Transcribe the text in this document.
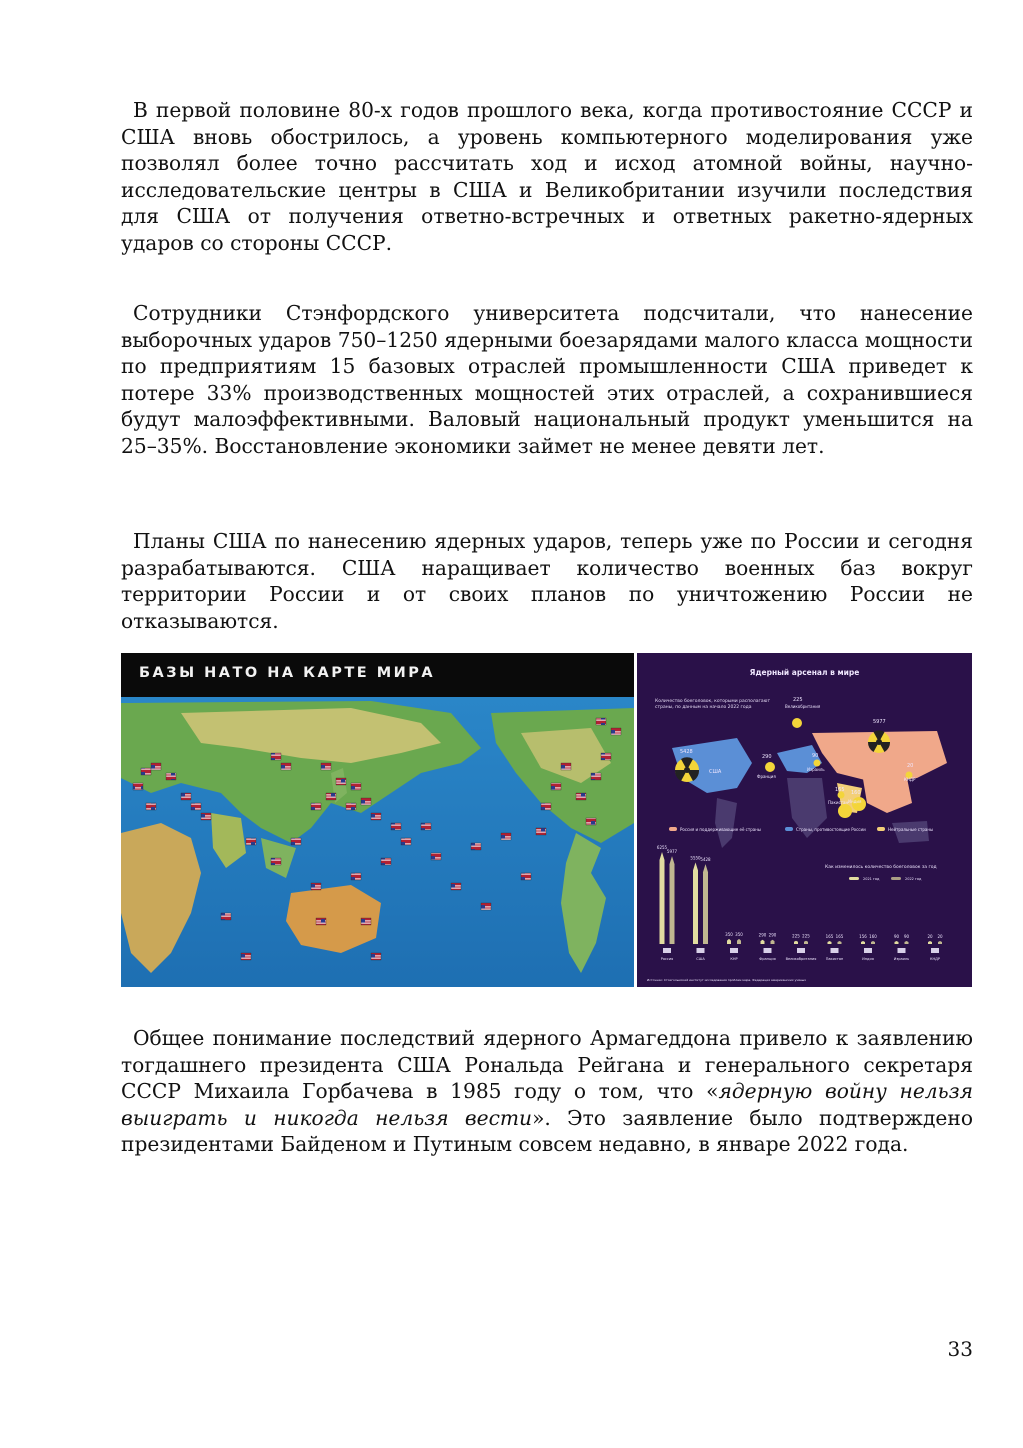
В первой половине 80-х годов прошлого века, когда противостояние СССР и США вновь обострилось, а уровень компьютерного моделирования уже позволял более точно рассчитать ход и исход атомной войны, научно-исследовательские центры в США и Великобритании изучили последствия для США от получения ответно-встречных и ответных ракетно-ядерных ударов со стороны СССР.

Сотрудники Стэнфордского университета подсчитали, что нанесение выборочных ударов 750–1250 ядерными боезарядами малого класса мощности по предприятиям 15 базовых отраслей промышленности США приведет к потере 33% производственных мощностей этих отраслей, а сохранившиеся будут малоэффективными. Валовый национальный продукт уменьшится на 25–35%. Восстановление экономики займет не менее девяти лет.

Планы США по нанесению ядерных ударов, теперь уже по России и сегодня разрабатываются. США наращивает количество военных баз вокруг территории России и от своих планов по уничтожению России не отказываются.

БАЗЫ НАТО НА КАРТЕ МИРА	Ядерный арсенал в мире
Количество боеголовок, которыми располагают страны, по данным на начало 2022 года
5428
США
225
Великобритания
5977
290
Франция
90
Израиль
20
КНДР
165
Пакистан
160
Индия
Россия и поддерживающие её страны	Страны, противостоящие России	Нейтральные страны
Как изменилось количество боеголовок за год
2021 год	2022 год
6255
5977
Россия
5550 5428
США
350 350
КНР
290 290
Франция
225 225
Великобритания
165 165
Пакистан
156 160
Индия
90 90
Израиль
20 20
КНДР
Источник: Стокгольмский институт исследования проблем мира, Федерация американских учёных

Общее понимание последствий ядерного Армагеддона привело к заявлению тогдашнего президента США Рональда Рейгана и генерального секретаря СССР Михаила Горбачева в 1985 году о том, что «ядерную войну нельзя выиграть и никогда нельзя вести». Это заявление было подтверждено президентами Байденом и Путиным совсем недавно, в январе 2022 года.

33
